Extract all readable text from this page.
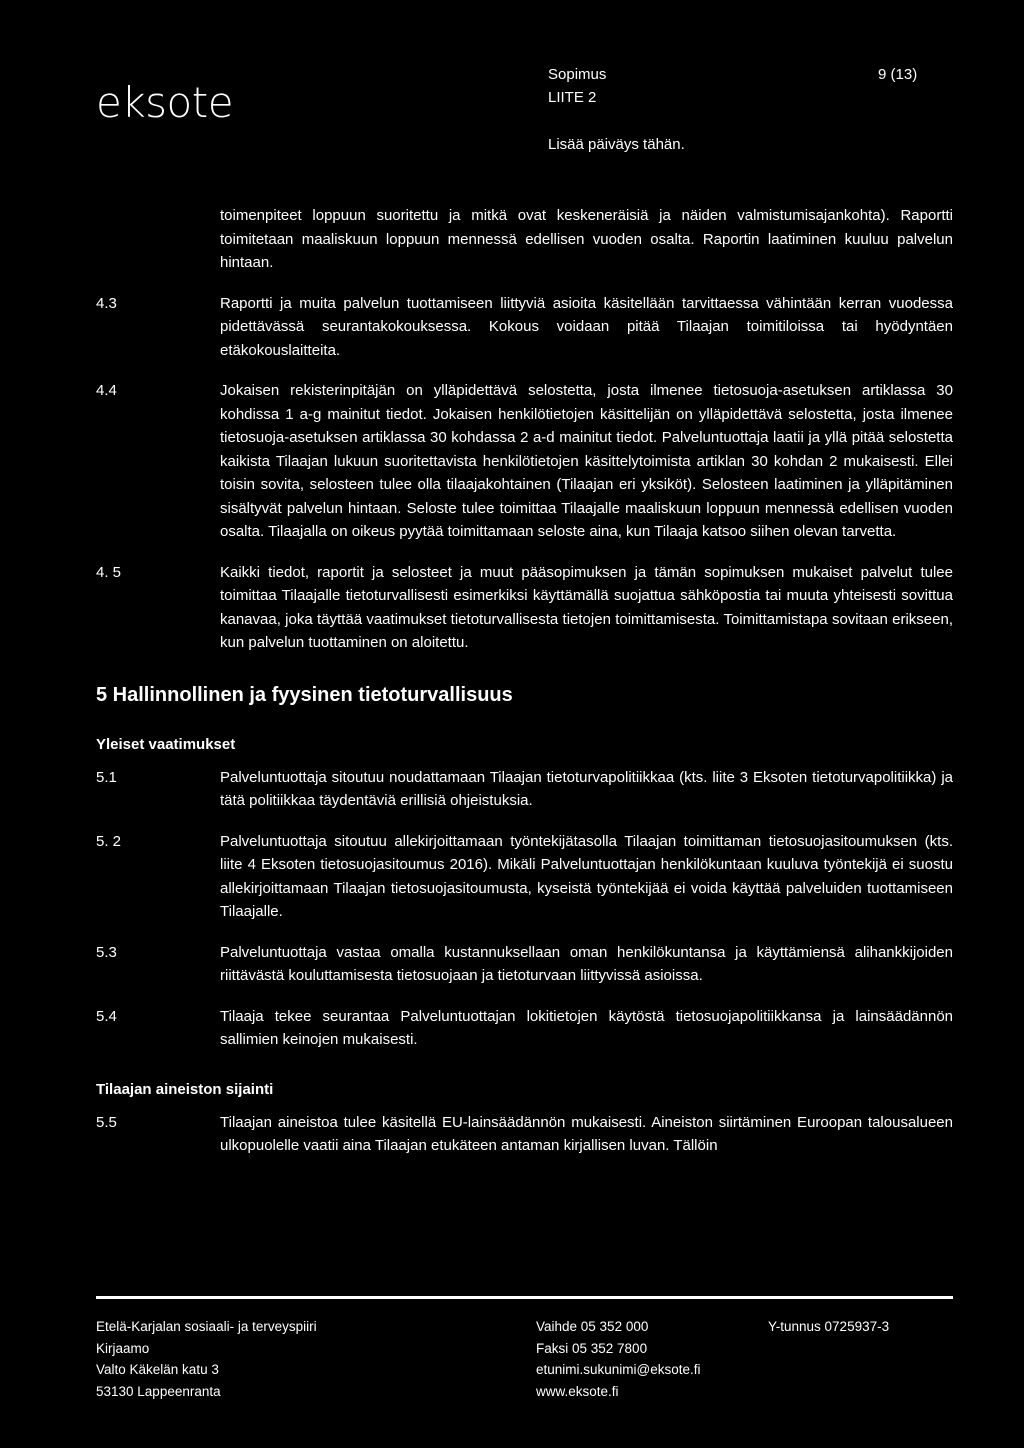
eksote
Sopimus
LIITE 2
9 (13)
Lisää päiväys tähän.
toimenpiteet loppuun suoritettu ja mitkä ovat keskeneräisiä ja näiden valmistumisajankohta). Raportti toimitetaan maaliskuun loppuun mennessä edellisen vuoden osalta. Raportin laatiminen kuuluu palvelun hintaan.
4.3	Raportti ja muita palvelun tuottamiseen liittyviä asioita käsitellään tarvittaessa vähintään kerran vuodessa pidettävässä seurantakokouksessa. Kokous voidaan pitää Tilaajan toimitiloissa tai hyödyntäen etäkokouslaitteita.
4.4	Jokaisen rekisterinpitäjän on ylläpidettävä selostetta, josta ilmenee tietosuoja-asetuksen artiklassa 30 kohdissa 1 a-g mainitut tiedot. Jokaisen henkilötietojen käsittelijän on ylläpidettävä selostetta, josta ilmenee tietosuoja-asetuksen artiklassa 30 kohdassa 2 a-d mainitut tiedot. Palveluntuottaja laatii ja yllä pitää selostetta kaikista Tilaajan lukuun suoritettavista henkilötietojen käsittelytoimista artiklan 30 kohdan 2 mukaisesti. Ellei toisin sovita, selosteen tulee olla tilaajakohtainen (Tilaajan eri yksiköt). Selosteen laatiminen ja ylläpitäminen sisältyvät palvelun hintaan. Seloste tulee toimittaa Tilaajalle maaliskuun loppuun mennessä edellisen vuoden osalta. Tilaajalla on oikeus pyytää toimittamaan seloste aina, kun Tilaaja katsoo siihen olevan tarvetta.
4. 5	Kaikki tiedot, raportit ja selosteet ja muut pääsopimuksen ja tämän sopimuksen mukaiset palvelut tulee toimittaa Tilaajalle tietoturvallisesti esimerkiksi käyttämällä suojattua sähköpostia tai muuta yhteisesti sovittua kanavaa, joka täyttää vaatimukset tietoturvallisesta tietojen toimittamisesta. Toimittamistapa sovitaan erikseen, kun palvelun tuottaminen on aloitettu.
5 Hallinnollinen ja fyysinen tietoturvallisuus
Yleiset vaatimukset
5.1	Palveluntuottaja sitoutuu noudattamaan Tilaajan tietoturvapolitiikkaa (kts. liite 3 Eksoten tietoturvapolitiikka) ja tätä politiikkaa täydentäviä erillisiä ohjeistuksia.
5. 2	Palveluntuottaja sitoutuu allekirjoittamaan työntekijätasolla Tilaajan toimittaman tietosuojasitoumuksen (kts. liite 4 Eksoten tietosuojasitoumus 2016). Mikäli Palveluntuottajan henkilökuntaan kuuluva työntekijä ei suostu allekirjoittamaan Tilaajan tietosuojasitoumusta, kyseistä työntekijää ei voida käyttää palveluiden tuottamiseen Tilaajalle.
5.3	Palveluntuottaja vastaa omalla kustannuksellaan oman henkilökuntansa ja käyttämiensä alihankkijoiden riittävästä kouluttamisesta tietosuojaan ja tietoturvaan liittyvissä asioissa.
5.4	Tilaaja tekee seurantaa Palveluntuottajan lokitietojen käytöstä tietosuojapolitiikkansa ja lainsäädännön sallimien keinojen mukaisesti.
Tilaajan aineiston sijainti
5.5	Tilaajan aineistoa tulee käsitellä EU-lainsäädännön mukaisesti. Aineiston siirtäminen Euroopan talousalueen ulkopuolelle vaatii aina Tilaajan etukäteen antaman kirjallisen luvan. Tällöin
Etelä-Karjalan sosiaali- ja terveyspiiri
Kirjaamo
Valto Käkelän katu 3
53130 Lappeenranta
Vaihde 05 352 000
Faksi 05 352 7800
etunimi.sukunimi@eksote.fi
www.eksote.fi
Y-tunnus 0725937-3
